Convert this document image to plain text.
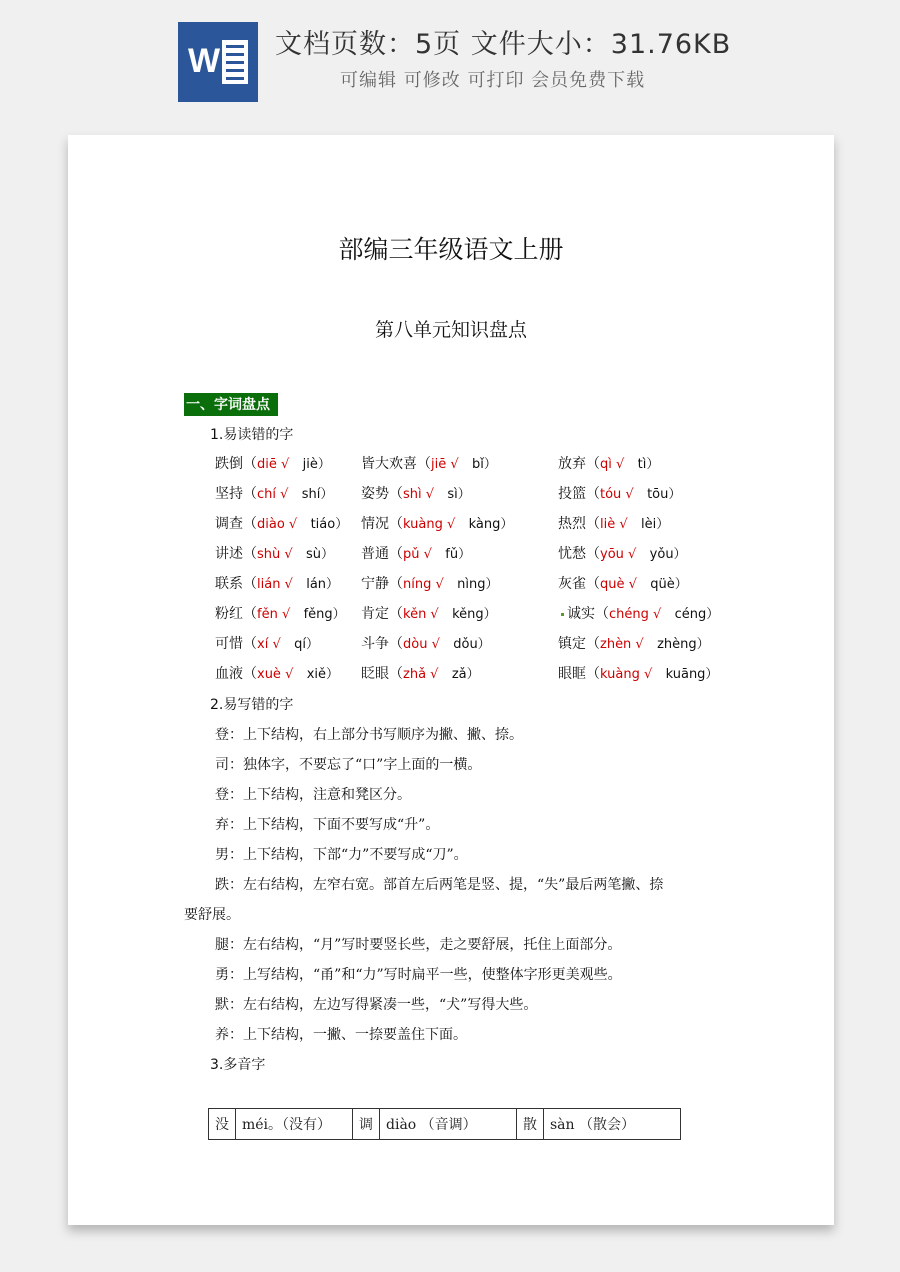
W 文档页数：5页 文件大小：31.76KB
可编辑 可修改 可打印 会员免费下载
部编三年级语文上册
第八单元知识盘点
一、字词盘点
1.易读错的字
跌倒（diē √ jiè） 皆大欢喜（jiē √ bǐ）	放弃（qì √ tì）
坚持（chí √ shí） 姿势（shì √ sì）	投篮（tóu √ tōu）
调查（diào √ tiáo） 情况（kuàng √ kàng）	热烈（liè √ lèi）
讲述（shù √ sù） 普通（pǔ √ fǔ）	忧愁（yōu √ yǒu）
联系（lián √ lán） 宁静（níng √ nìng）	灰雀（què √ qüè）
粉红（fěn √ fěng） 肯定（kěn √ kěng）	诚实（chéng √ céng）
可惜（xí √ qí）	斗争（dòu √ dǒu）	镇定（zhèn √ zhèng）
血液（xuè √ xiě） 眨眼（zhǎ √ zǎ）	眼眶（kuàng √ kuāng）
2.易写错的字
登：上下结构，右上部分书写顺序为撇、撇、捺。
司：独体字，不要忘了“口”字上面的一横。
登：上下结构，注意和凳区分。
弃：上下结构，下面不要写成“升”。
男：上下结构，下部“力”不要写成“刀”。
跌：左右结构，左窄右宽。部首左后两笔是竖、提，“失”最后两笔撇、捺
要舒展。
腿：左右结构，“月”写时要竖长些，走之要舒展，托住上面部分。
勇：上写结构，“甬”和“力”写时扁平一些，使整体字形更美观些。
默：左右结构，左边写得紧凑一些，“犬”写得大些。
养：上下结构，一撇、一捺要盖住下面。
3.多音字
没	méi。（没有）	调	diào （音调）	散	sàn （散会）
